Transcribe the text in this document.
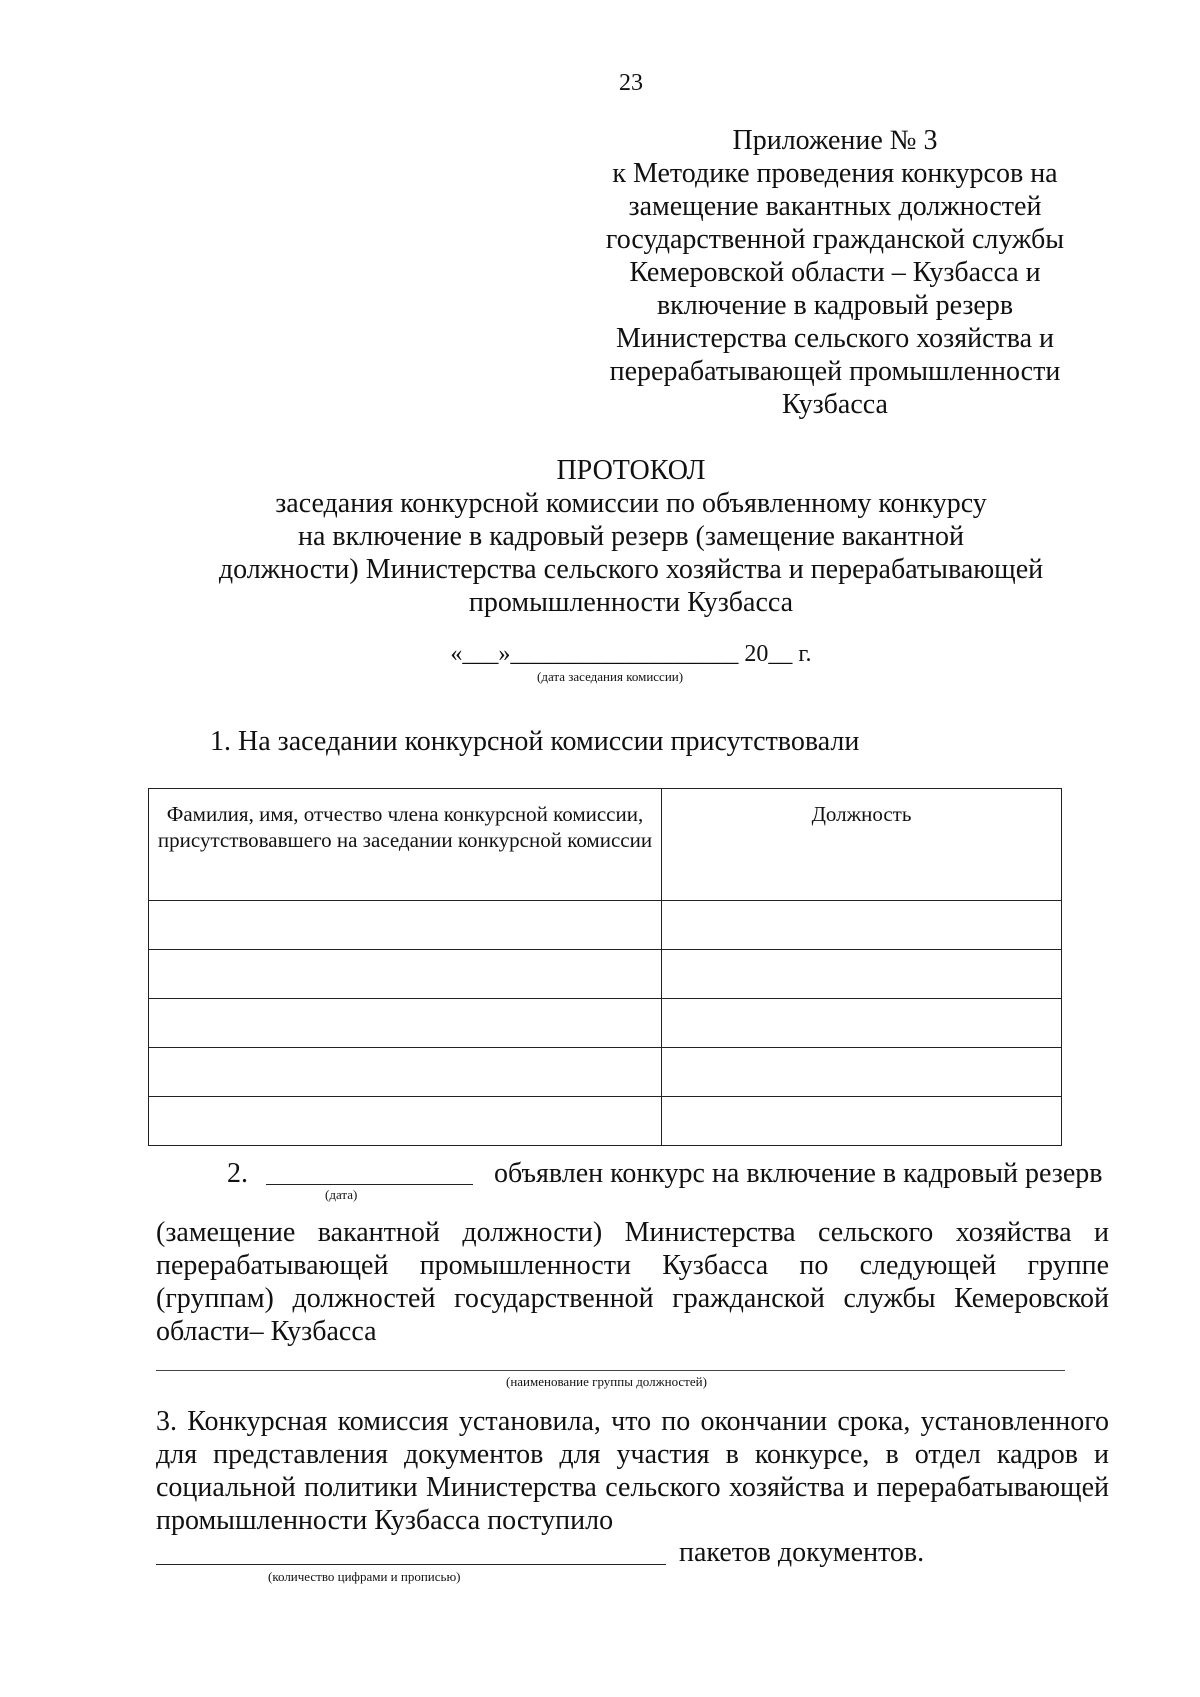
23
Приложение № 3
к Методике проведения конкурсов на
замещение вакантных должностей
государственной гражданской службы
Кемеровской области – Кузбасса и
включение в кадровый резерв
Министерства сельского хозяйства и
перерабатывающей промышленности
Кузбасса
ПРОТОКОЛ
заседания конкурсной комиссии по объявленному конкурсу
на включение в кадровый резерв (замещение вакантной
должности) Министерства сельского хозяйства и перерабатывающей
промышленности Кузбасса
«___»___________________ 20__ г.
(дата заседания комиссии)
1. На заседании конкурсной комиссии присутствовали
Фамилия, имя, отчество члена конкурсной комиссии, присутствовавшего на заседании конкурсной комиссии	Должность

2.	объявлен конкурс на включение в кадровый резерв
(дата)
(замещение вакантной должности) Министерства сельского хозяйства и перерабатывающей промышленности Кузбасса по следующей группе (группам) должностей государственной гражданской службы Кемеровской области– Кузбасса
(наименование группы должностей)
3. Конкурсная комиссия установила, что по окончании срока, установленного для представления документов для участия в конкурсе, в отдел кадров и социальной политики Министерства сельского хозяйства и перерабатывающей промышленности Кузбасса поступило
пакетов документов.
(количество цифрами и прописью)
